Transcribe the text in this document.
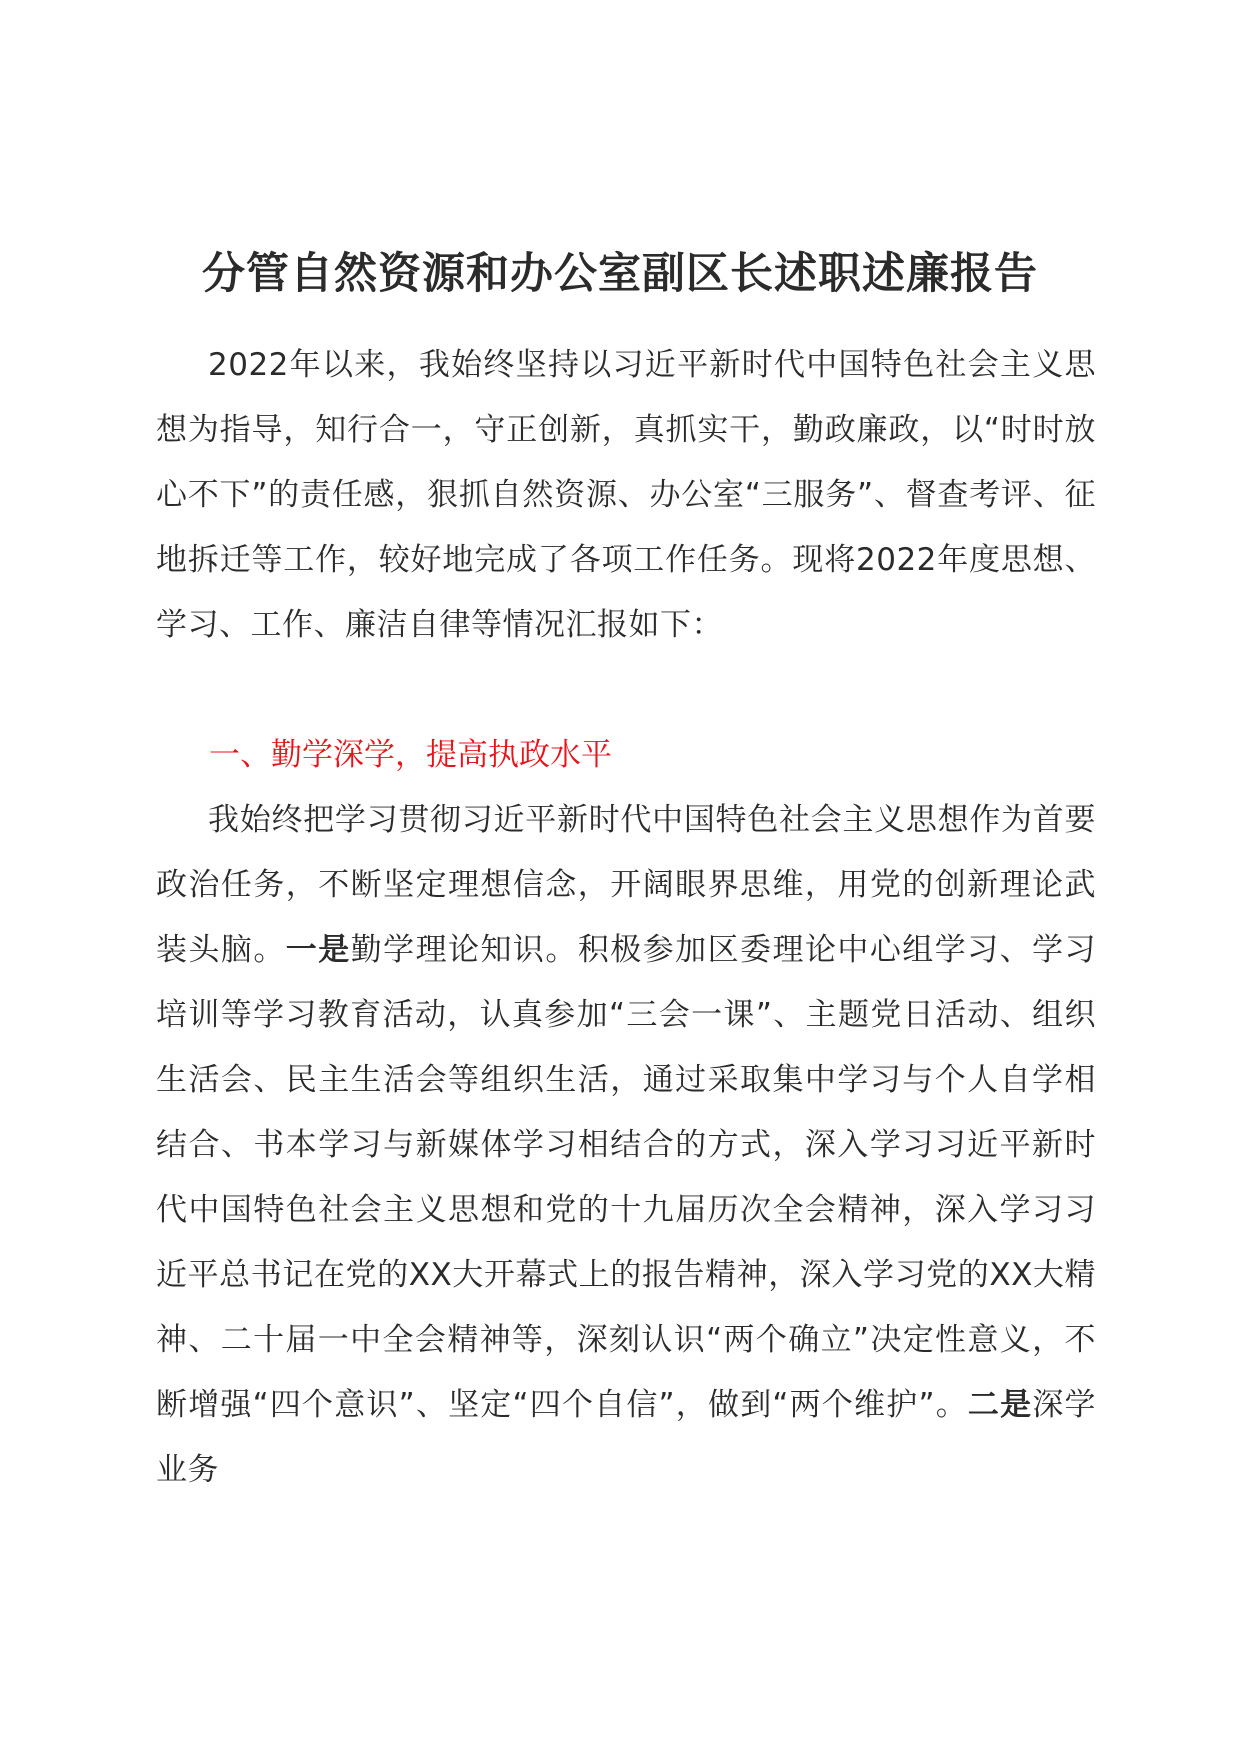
分管自然资源和办公室副区长述职述廉报告
2022年以来，我始终坚持以习近平新时代中国特色社会主义思想为指导，知行合一，守正创新，真抓实干，勤政廉政，以“时时放心不下”的责任感，狠抓自然资源、办公室“三服务”、督查考评、征地拆迁等工作，较好地完成了各项工作任务。现将2022年度思想、学习、工作、廉洁自律等情况汇报如下：
一、勤学深学，提高执政水平
我始终把学习贯彻习近平新时代中国特色社会主义思想作为首要政治任务，不断坚定理想信念，开阔眼界思维，用党的创新理论武装头脑。一是勤学理论知识。积极参加区委理论中心组学习、学习培训等学习教育活动，认真参加“三会一课”、主题党日活动、组织生活会、民主生活会等组织生活，通过采取集中学习与个人自学相结合、书本学习与新媒体学习相结合的方式，深入学习习近平新时代中国特色社会主义思想和党的十九届历次全会精神，深入学习习近平总书记在党的XX大开幕式上的报告精神，深入学习党的XX大精神、二十届一中全会精神等，深刻认识“两个确立”决定性意义，不断增强“四个意识”、坚定“四个自信”，做到“两个维护”。二是深学业务
